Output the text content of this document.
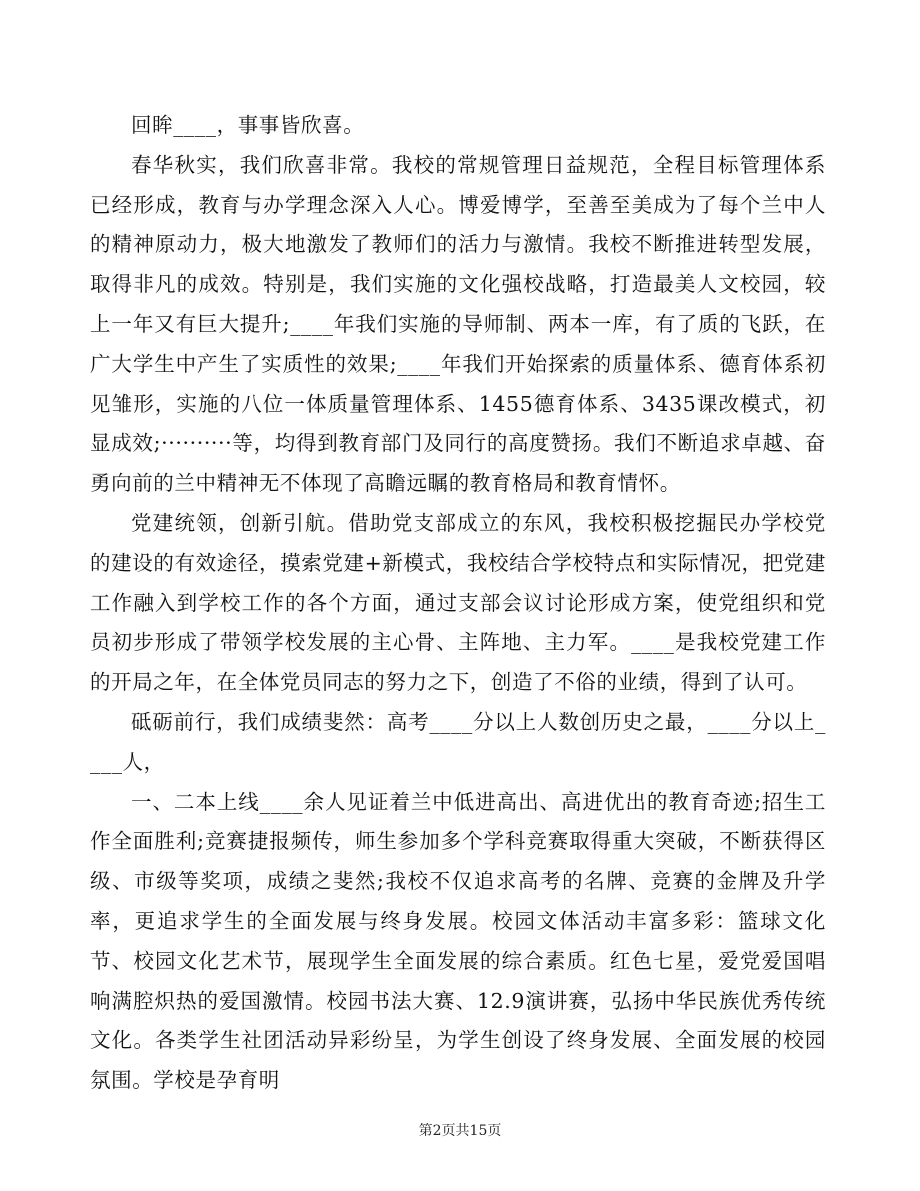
回眸____，事事皆欣喜。

春华秋实，我们欣喜非常。我校的常规管理日益规范，全程目标管理体系已经形成，教育与办学理念深入人心。博爱博学，至善至美成为了每个兰中人的精神原动力，极大地激发了教师们的活力与激情。我校不断推进转型发展，取得非凡的成效。特别是，我们实施的文化强校战略，打造最美人文校园，较上一年又有巨大提升;____年我们实施的导师制、两本一库，有了质的飞跃，在广大学生中产生了实质性的效果;____年我们开始探索的质量体系、德育体系初见雏形，实施的八位一体质量管理体系、1455德育体系、3435课改模式，初显成效;··········等，均得到教育部门及同行的高度赞扬。我们不断追求卓越、奋勇向前的兰中精神无不体现了高瞻远瞩的教育格局和教育情怀。

党建统领，创新引航。借助党支部成立的东风，我校积极挖掘民办学校党的建设的有效途径，摸索党建+新模式，我校结合学校特点和实际情况，把党建工作融入到学校工作的各个方面，通过支部会议讨论形成方案，使党组织和党员初步形成了带领学校发展的主心骨、主阵地、主力军。____是我校党建工作的开局之年，在全体党员同志的努力之下，创造了不俗的业绩，得到了认可。

砥砺前行，我们成绩斐然：高考____分以上人数创历史之最，____分以上____人，

一、二本上线____余人见证着兰中低进高出、高进优出的教育奇迹;招生工作全面胜利;竞赛捷报频传，师生参加多个学科竞赛取得重大突破，不断获得区级、市级等奖项，成绩之斐然;我校不仅追求高考的名牌、竞赛的金牌及升学率，更追求学生的全面发展与终身发展。校园文体活动丰富多彩：篮球文化节、校园文化艺术节，展现学生全面发展的综合素质。红色七星，爱党爱国唱响满腔炽热的爱国激情。校园书法大赛、12.9演讲赛，弘扬中华民族优秀传统文化。各类学生社团活动异彩纷呈，为学生创设了终身发展、全面发展的校园氛围。学校是孕育明

第2页共15页
